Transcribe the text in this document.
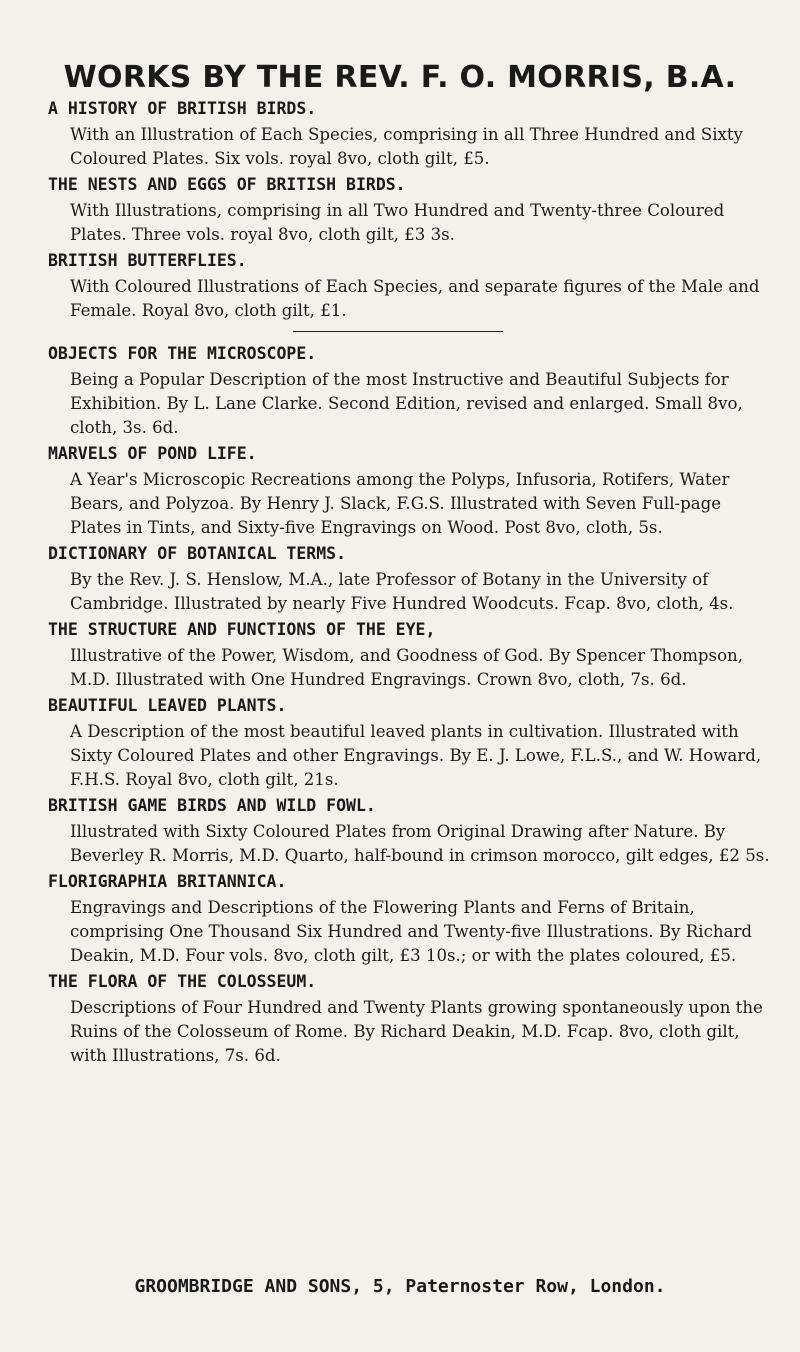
WORKS BY THE REV. F. O. MORRIS, B.A.
A HISTORY OF BRITISH BIRDS.
With an Illustration of Each Species, comprising in all Three Hundred and Sixty Coloured Plates. Six vols. royal 8vo, cloth gilt, £5.
THE NESTS AND EGGS OF BRITISH BIRDS.
With Illustrations, comprising in all Two Hundred and Twenty-three Coloured Plates. Three vols. royal 8vo, cloth gilt, £3 3s.
BRITISH BUTTERFLIES.
With Coloured Illustrations of Each Species, and separate figures of the Male and Female. Royal 8vo, cloth gilt, £1.
OBJECTS FOR THE MICROSCOPE.
Being a Popular Description of the most Instructive and Beautiful Subjects for Exhibition. By L. Lane Clarke. Second Edition, revised and enlarged. Small 8vo, cloth, 3s. 6d.
MARVELS OF POND LIFE.
A Year's Microscopic Recreations among the Polyps, Infusoria, Rotifers, Water Bears, and Polyzoa. By Henry J. Slack, F.G.S. Illustrated with Seven Full-page Plates in Tints, and Sixty-five Engravings on Wood. Post 8vo, cloth, 5s.
DICTIONARY OF BOTANICAL TERMS.
By the Rev. J. S. Henslow, M.A., late Professor of Botany in the University of Cambridge. Illustrated by nearly Five Hundred Woodcuts. Fcap. 8vo, cloth, 4s.
THE STRUCTURE AND FUNCTIONS OF THE EYE,
Illustrative of the Power, Wisdom, and Goodness of God. By Spencer Thompson, M.D. Illustrated with One Hundred Engravings. Crown 8vo, cloth, 7s. 6d.
BEAUTIFUL LEAVED PLANTS.
A Description of the most beautiful leaved plants in cultivation. Illustrated with Sixty Coloured Plates and other Engravings. By E. J. Lowe, F.L.S., and W. Howard, F.H.S. Royal 8vo, cloth gilt, 21s.
BRITISH GAME BIRDS AND WILD FOWL.
Illustrated with Sixty Coloured Plates from Original Drawing after Nature. By Beverley R. Morris, M.D. Quarto, half-bound in crimson morocco, gilt edges, £2 5s.
FLORIGRAPHIA BRITANNICA.
Engravings and Descriptions of the Flowering Plants and Ferns of Britain, comprising One Thousand Six Hundred and Twenty-five Illustrations. By Richard Deakin, M.D. Four vols. 8vo, cloth gilt, £3 10s.; or with the plates coloured, £5.
THE FLORA OF THE COLOSSEUM.
Descriptions of Four Hundred and Twenty Plants growing spontaneously upon the Ruins of the Colosseum of Rome. By Richard Deakin, M.D. Fcap. 8vo, cloth gilt, with Illustrations, 7s. 6d.
GROOMBRIDGE AND SONS, 5, Paternoster Row, London.
